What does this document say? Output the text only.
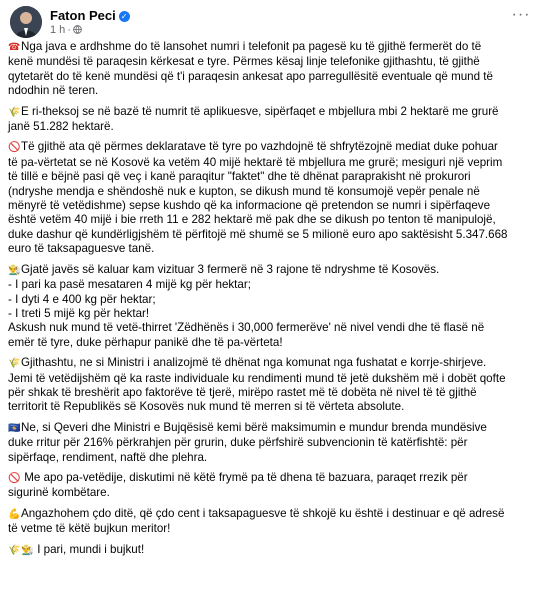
Faton Peci ✓
1 h ·
···

☎Nga java e ardhshme do të lansohet numri i telefonit pa pagesë ku të gjithë fermerët do të

kenë mundësi të paraqesin kërkesat e tyre. Përmes kësaj linje telefonike gjithashtu, të gjithë

qytetarët do të kenë mundësi që t'i paraqesin ankesat apo parregullësitë eventuale që mund të

ndodhin në teren.

🌾E ri-theksoj se në bazë të numrit të aplikuesve, sipërfaqet e mbjellura mbi 2 hektarë me grurë

janë 51.282 hektarë.

🚫Të gjithë ata që përmes deklaratave të tyre po vazhdojnë të shfrytëzojnë mediat duke pohuar

të pa-vërtetat se në Kosovë ka vetëm 40 mijë hektarë të mbjellura me grurë; mesiguri një veprim

të tillë e bëjnë pasi që veç i kanë paraqitur "faktet" dhe të dhënat paraprakisht në prokurori

(ndryshe mendja e shëndoshë nuk e kupton, se dikush mund të konsumojë vepër penale në

mënyrë të vetëdishme) sepse kushdo që ka informacione që pretendon se numri i sipërfaqeve

është vetëm 40 mijë i bie rreth 11 e 282 hektarë më pak dhe se dikush po tenton të manipulojë,

duke dashur që kundërligjshëm të përfitojë më shumë se 5 milionë euro apo saktësisht 5.347.668

euro të taksapaguesve tanë.

👨‍🌾Gjatë javës së kaluar kam vizituar 3 fermerë në 3 rajone të ndryshme të Kosovës.

- I pari ka pasë mesataren 4 mijë kg për hektar;

- I dyti 4 e 400 kg për hektar;

- I treti 5 mijë kg për hektar!

Askush nuk mund të vetë-thirret 'Zëdhënës i 30,000 fermerëve' në nivel vendi dhe të flasë në

emër të tyre, duke përhapur panikë dhe të pa-vërteta!

🌾Gjithashtu, ne si Ministri i analizojmë të dhënat nga komunat nga fushatat e korrje-shirjeve.

Jemi të vetëdijshëm që ka raste individuale ku rendimenti mund të jetë dukshëm më i dobët qofte

për shkak të breshërit apo faktorëve të tjerë, mirëpo rastet më të dobëta në nivel të të gjithë

territorit të Republikës së Kosovës nuk mund të merren si të vërteta absolute.

🇽🇰Ne, si Qeveri dhe Ministri e Bujqësisë kemi bërë maksimumin e mundur brenda mundësive

duke rritur për 216% përkrahjen për grurin, duke përfshirë subvencionin të katërfishtë: për

sipërfaqe, rendiment, naftë dhe plehra.

🚫 Me apo pa-vetëdije, diskutimi në këtë frymë pa të dhena të bazuara, paraqet rrezik për

sigurinë kombëtare.

💪Angazhohem çdo ditë, që çdo cent i taksapaguesve të shkojë ku është i destinuar e që adresë

të vetme të këtë bujkun meritor!

🌾👨‍🌾 I pari, mundi i bujkut!
